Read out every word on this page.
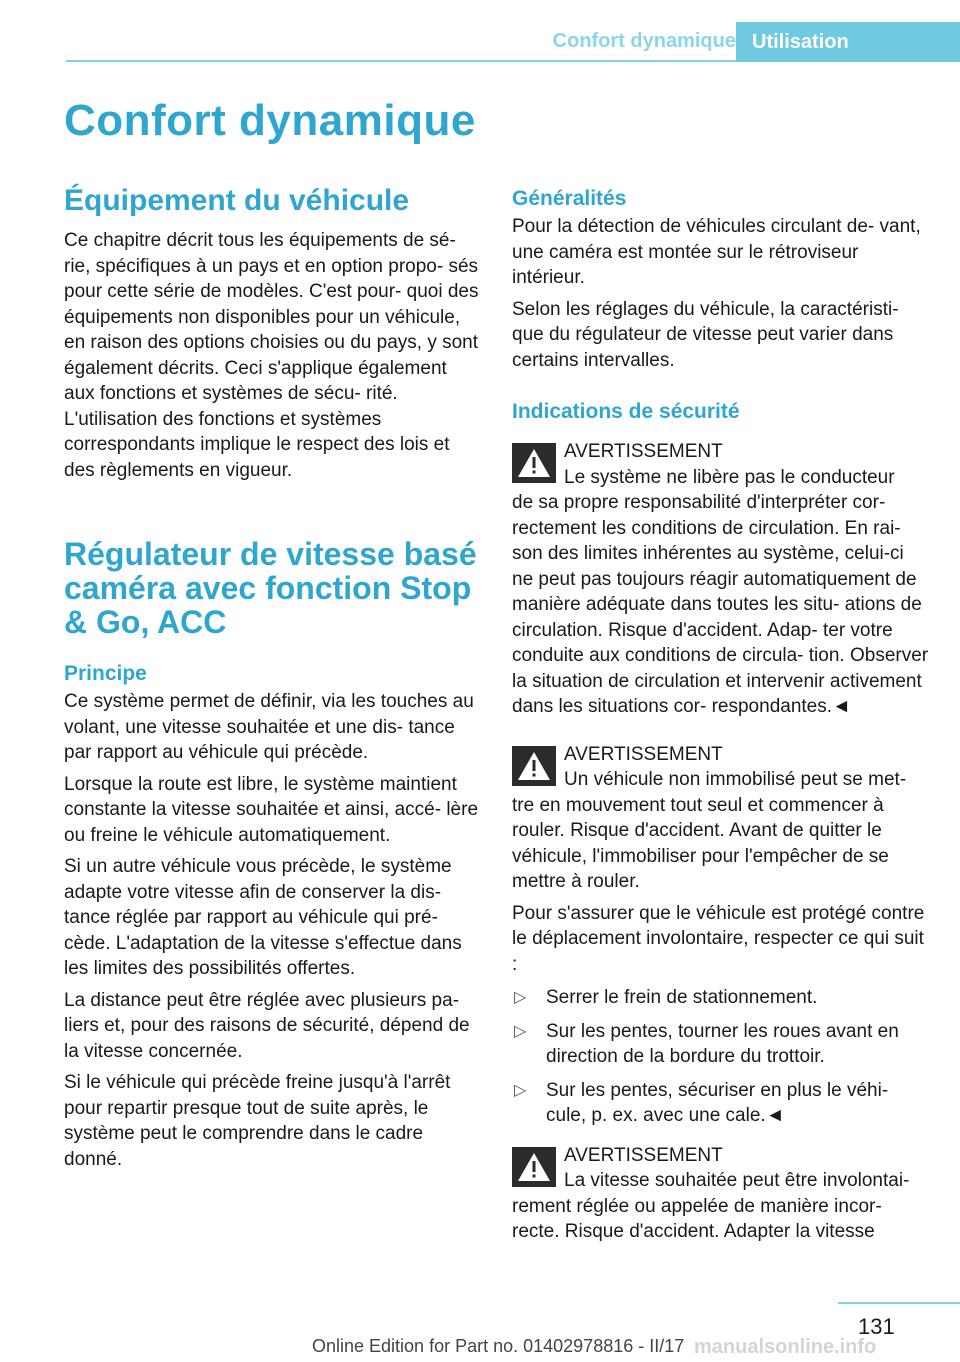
Confort dynamique Utilisation
Confort dynamique
Équipement du véhicule

Ce chapitre décrit tous les équipements de sé‐ rie, spécifiques à un pays et en option propo‐ sés pour cette série de modèles. C'est pour‐ quoi des équipements non disponibles pour un véhicule, en raison des options choisies ou du pays, y sont également décrits. Ceci s'applique également aux fonctions et systèmes de sécu‐ rité. L'utilisation des fonctions et systèmes correspondants implique le respect des lois et des règlements en vigueur.

Régulateur de vitesse basé caméra avec fonction Stop & Go, ACC
Principe

Ce système permet de définir, via les touches au volant, une vitesse souhaitée et une dis‐ tance par rapport au véhicule qui précède.

Lorsque la route est libre, le système maintient constante la vitesse souhaitée et ainsi, accé‐ lère ou freine le véhicule automatiquement.

Si un autre véhicule vous précède, le système adapte votre vitesse afin de conserver la dis‐ tance réglée par rapport au véhicule qui pré‐ cède. L'adaptation de la vitesse s'effectue dans les limites des possibilités offertes.

La distance peut être réglée avec plusieurs pa‐ liers et, pour des raisons de sécurité, dépend de la vitesse concernée.

Si le véhicule qui précède freine jusqu'à l'arrêt pour repartir presque tout de suite après, le système peut le comprendre dans le cadre donné.

Généralités

Pour la détection de véhicules circulant de‐ vant, une caméra est montée sur le rétroviseur intérieur.

Selon les réglages du véhicule, la caractéristi‐ que du régulateur de vitesse peut varier dans certains intervalles.

Indications de sécurité

AVERTISSEMENT

Le système ne libère pas le conducteur

de sa propre responsabilité d'interpréter cor‐ rectement les conditions de circulation. En rai‐ son des limites inhérentes au système, celui-ci ne peut pas toujours réagir automatiquement de manière adéquate dans toutes les situ‐ ations de circulation. Risque d'accident. Adap‐ ter votre conduite aux conditions de circula‐ tion. Observer la situation de circulation et intervenir activement dans les situations cor‐ respondantes.◄

AVERTISSEMENT

Un véhicule non immobilisé peut se met‐

tre en mouvement tout seul et commencer à rouler. Risque d'accident. Avant de quitter le véhicule, l'immobiliser pour l'empêcher de se mettre à rouler.

Pour s'assurer que le véhicule est protégé contre le déplacement involontaire, respecter ce qui suit :

▷ Serrer le frein de stationnement.
▷ Sur les pentes, tourner les roues avant en direction de la bordure du trottoir.
▷ Sur les pentes, sécuriser en plus le véhi‐ cule, p. ex. avec une cale.◄

AVERTISSEMENT

La vitesse souhaitée peut être involontai‐

rement réglée ou appelée de manière incor‐ recte. Risque d'accident. Adapter la vitesse

131
Online Edition for Part no. 01402978816 - II/17 manualsonline.info
